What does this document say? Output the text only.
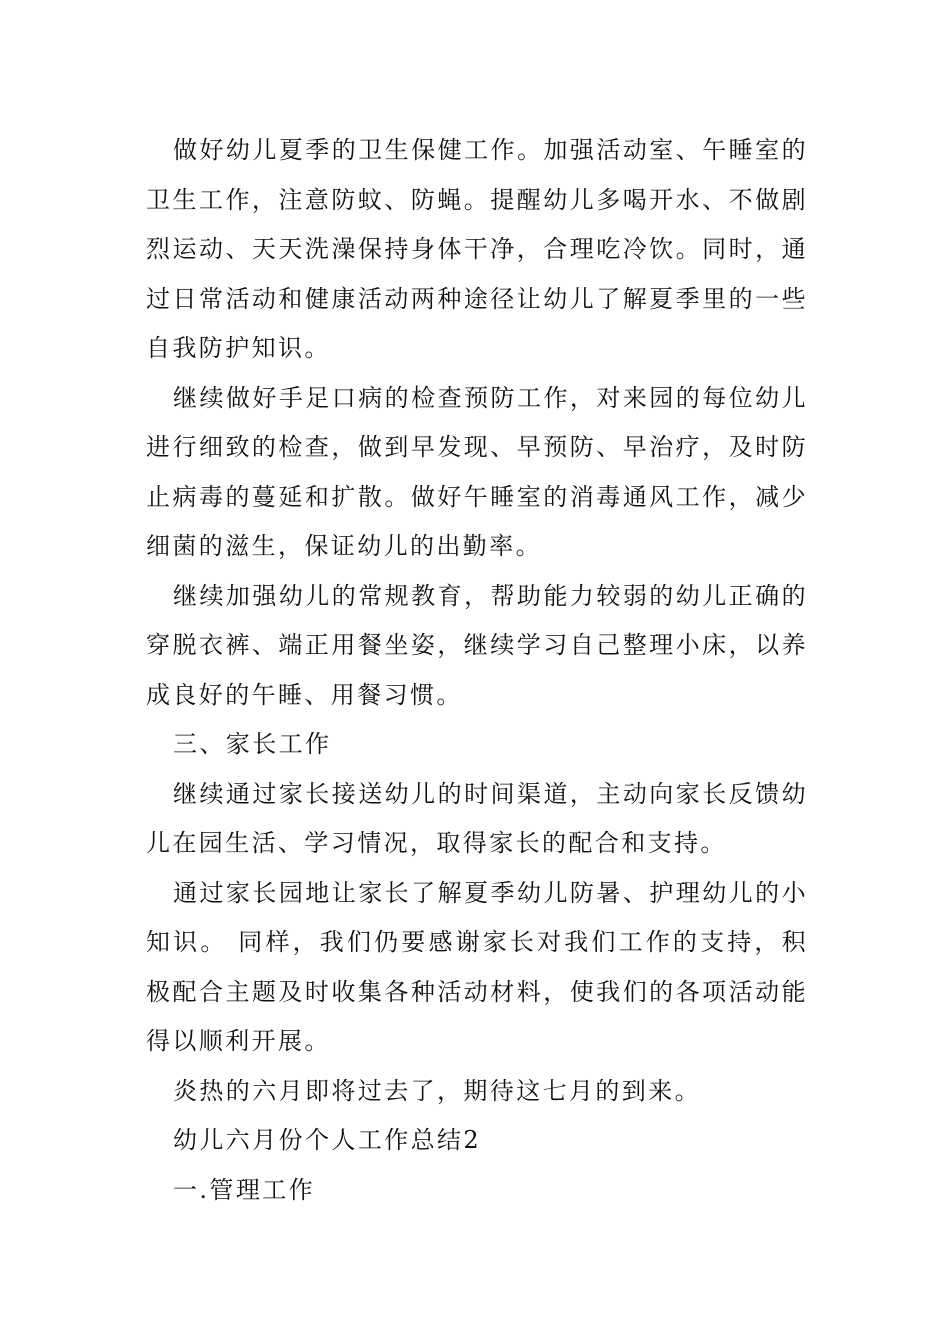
做好幼儿夏季的卫生保健工作。加强活动室、午睡室的卫生工作，注意防蚊、防蝇。提醒幼儿多喝开水、不做剧烈运动、天天洗澡保持身体干净，合理吃冷饮。同时，通过日常活动和健康活动两种途径让幼儿了解夏季里的一些自我防护知识。

继续做好手足口病的检查预防工作，对来园的每位幼儿进行细致的检查，做到早发现、早预防、早治疗，及时防止病毒的蔓延和扩散。做好午睡室的消毒通风工作，减少细菌的滋生，保证幼儿的出勤率。

继续加强幼儿的常规教育，帮助能力较弱的幼儿正确的穿脱衣裤、端正用餐坐姿，继续学习自己整理小床，以养成良好的午睡、用餐习惯。

三、家长工作

继续通过家长接送幼儿的时间渠道，主动向家长反馈幼儿在园生活、学习情况，取得家长的配合和支持。

通过家长园地让家长了解夏季幼儿防暑、护理幼儿的小知识。 同样，我们仍要感谢家长对我们工作的支持，积极配合主题及时收集各种活动材料，使我们的各项活动能得以顺利开展。

炎热的六月即将过去了，期待这七月的到来。

幼儿六月份个人工作总结2

一.管理工作
